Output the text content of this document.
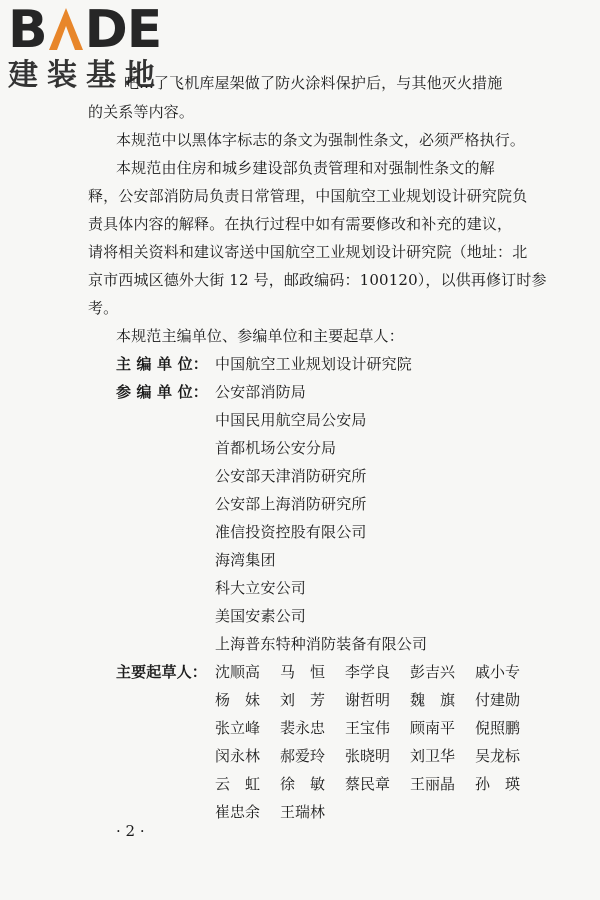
B DE
建装基地
吧...了飞机库屋架做了防火涂料保护后，与其他灭火措施
的关系等内容。
本规范中以黑体字标志的条文为强制性条文，必须严格执行。
本规范由住房和城乡建设部负责管理和对强制性条文的解
释，公安部消防局负责日常管理，中国航空工业规划设计研究院负
责具体内容的解释。在执行过程中如有需要修改和补充的建议，
请将相关资料和建议寄送中国航空工业规划设计研究院（地址：北
京市西城区德外大街 12 号，邮政编码：100120），以供再修订时参
考。
本规范主编单位、参编单位和主要起草人：
主 编 单 位： 中国航空工业规划设计研究院
参 编 单 位： 公安部消防局
中国民用航空局公安局
首都机场公安分局
公安部天津消防研究所
公安部上海消防研究所
准信投资控股有限公司
海湾集团
科大立安公司
美国安素公司
上海普东特种消防装备有限公司
主要起草人： 沈顺高 马　恒 李学良 彭吉兴 戚小专
杨　妹 刘　芳 谢哲明 魏　旗 付建勋
张立峰 裴永忠 王宝伟 顾南平 倪照鹏
闵永林 郝爱玲 张晓明 刘卫华 吴龙标
云　虹 徐　敏 蔡民章 王丽晶 孙　瑛
崔忠余 王瑞林
· 2 ·
